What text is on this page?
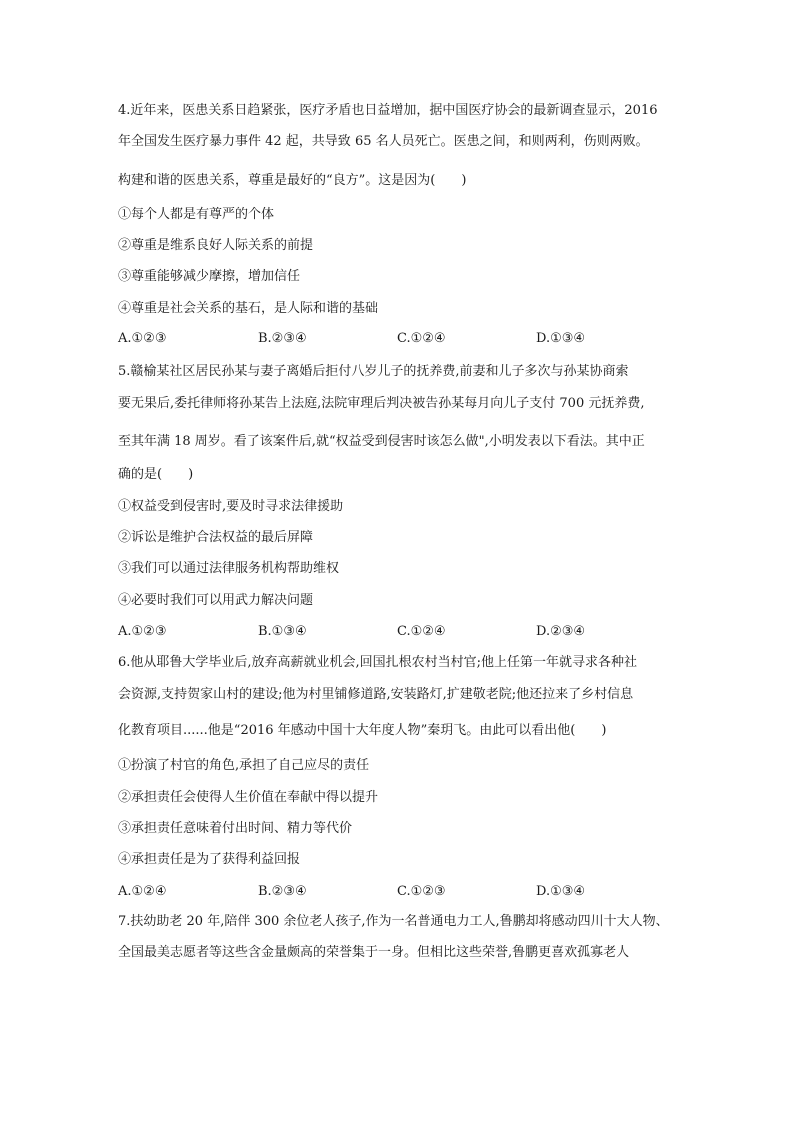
4.近年来，医患关系日趋紧张，医疗矛盾也日益增加，据中国医疗协会的最新调查显示，2016
年全国发生医疗暴力事件 42 起，共导致 65 名人员死亡。医患之间，和则两利，伤则两败。
构建和谐的医患关系，尊重是最好的“良方”。这是因为(　　)
①每个人都是有尊严的个体
②尊重是维系良好人际关系的前提
③尊重能够减少摩擦，增加信任
④尊重是社会关系的基石，是人际和谐的基础
A.①②③	B.②③④	C.①②④	D.①③④
5.赣榆某社区居民孙某与妻子离婚后拒付八岁儿子的抚养费,前妻和儿子多次与孙某协商索
要无果后,委托律师将孙某告上法庭,法院审理后判决被告孙某每月向儿子支付 700 元抚养费,
至其年满 18 周岁。看了该案件后,就“权益受到侵害时该怎么做",小明发表以下看法。其中正
确的是(　　)
①权益受到侵害时,要及时寻求法律援助
②诉讼是维护合法权益的最后屏障
③我们可以通过法律服务机构帮助维权
④必要时我们可以用武力解决问题
A.①②③	B.①③④	C.①②④	D.②③④
6.他从耶鲁大学毕业后,放弃高薪就业机会,回国扎根农村当村官;他上任第一年就寻求各种社
会资源,支持贺家山村的建设;他为村里铺修道路,安装路灯,扩建敬老院;他还拉来了乡村信息
化教育项目......他是“2016 年感动中国十大年度人物”秦玥飞。由此可以看出他(　　)
①扮演了村官的角色,承担了自己应尽的责任
②承担责任会使得人生价值在奉献中得以提升
③承担责任意味着付出时间、精力等代价
④承担责任是为了获得利益回报
A.①②④	B.②③④	C.①②③	D.①③④
7.扶幼助老 20 年,陪伴 300 余位老人孩子,作为一名普通电力工人,鲁鹏却将感动四川十大人物、
全国最美志愿者等这些含金量颇高的荣誉集于一身。但相比这些荣誉,鲁鹏更喜欢孤寡老人
